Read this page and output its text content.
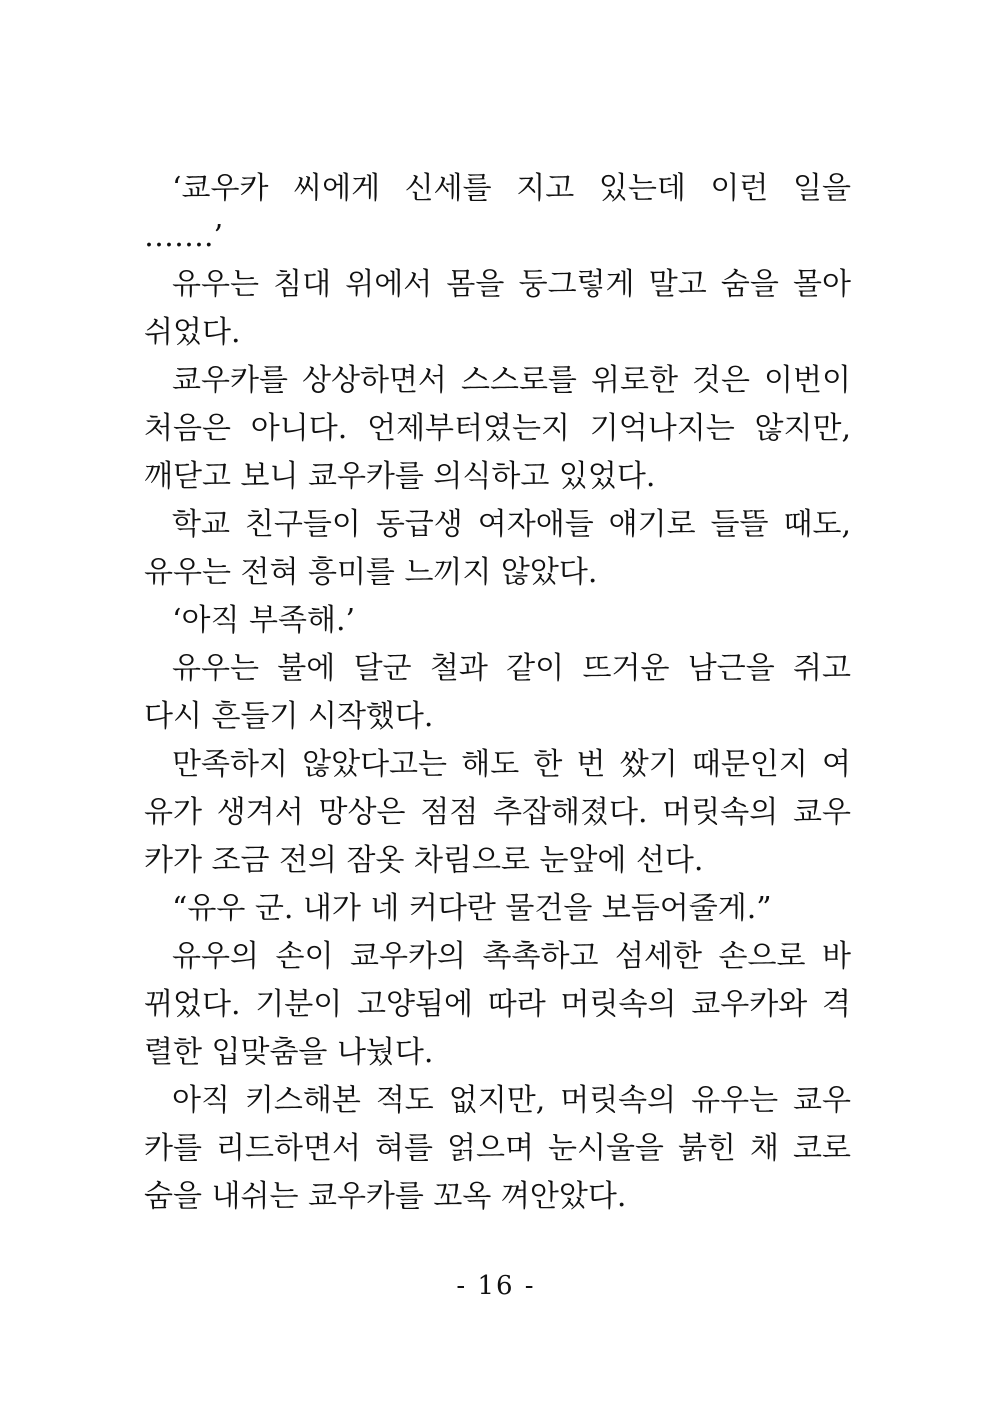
‘쿄우카 씨에게 신세를 지고 있는데 이런 일을
…….’
유우는 침대 위에서 몸을 둥그렇게 말고 숨을 몰아
쉬었다.
쿄우카를 상상하면서 스스로를 위로한 것은 이번이
처음은 아니다. 언제부터였는지 기억나지는 않지만,
깨닫고 보니 쿄우카를 의식하고 있었다.
학교 친구들이 동급생 여자애들 얘기로 들뜰 때도,
유우는 전혀 흥미를 느끼지 않았다.
‘아직 부족해.’
유우는 불에 달군 철과 같이 뜨거운 남근을 쥐고
다시 흔들기 시작했다.
만족하지 않았다고는 해도 한 번 쌌기 때문인지 여
유가 생겨서 망상은 점점 추잡해졌다. 머릿속의 쿄우
카가 조금 전의 잠옷 차림으로 눈앞에 선다.
“유우 군. 내가 네 커다란 물건을 보듬어줄게.”
유우의 손이 쿄우카의 촉촉하고 섬세한 손으로 바
뀌었다. 기분이 고양됨에 따라 머릿속의 쿄우카와 격
렬한 입맞춤을 나눴다.
아직 키스해본 적도 없지만, 머릿속의 유우는 쿄우
카를 리드하면서 혀를 얽으며 눈시울을 붉힌 채 코로
숨을 내쉬는 쿄우카를 꼬옥 껴안았다.
- 16 -
